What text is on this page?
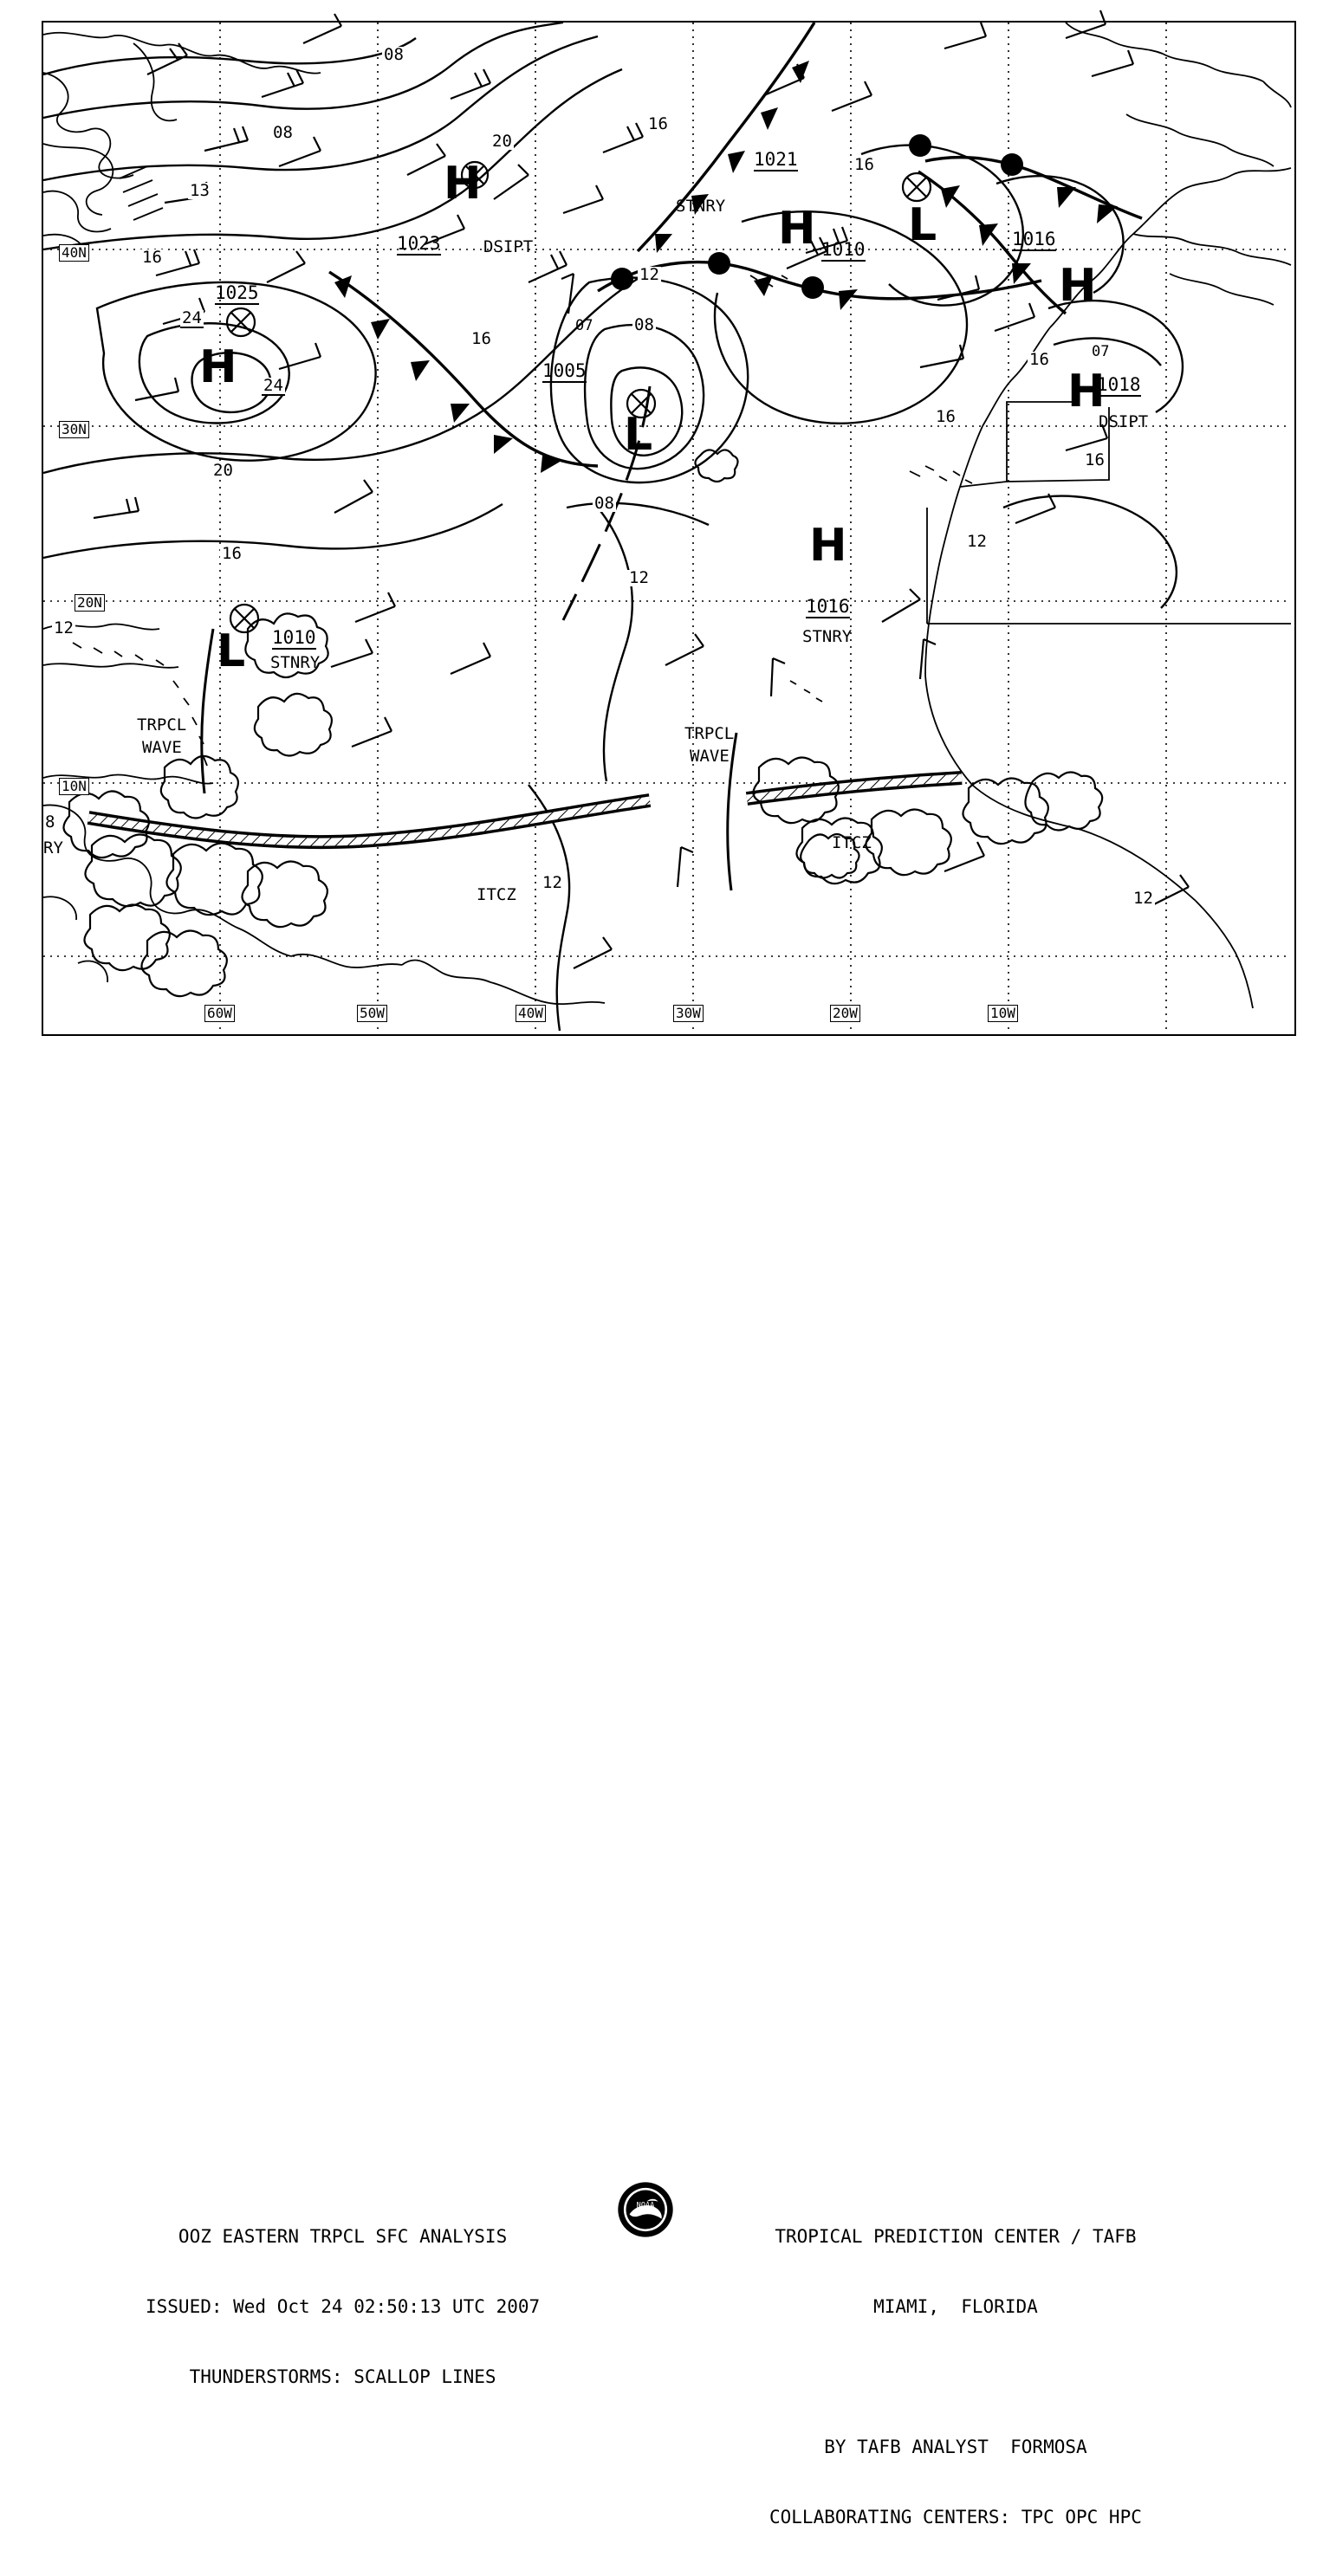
H
1023	DSIPT
H
1025
H
1021
1010 L	1016
H
H
1018
DSIPT
07
H
1016
STNRY
L
1005
07
L 1010
STNRY
STNRY
TRPCL
WAVE
TRPCL
WAVE
ITCZ
ITCZ
RY
08
08
13
16
20
16
24
24
20
16
16
12
08
08
12
16
16
16
16
12
12
12
12
8
40N
30N
20N
10N
60W	50W	40W	30W	20W	10W

OOZ EASTERN TRPCL SFC ANALYSIS

ISSUED: Wed Oct 24 02:50:13 UTC 2007

THUNDERSTORMS: SCALLOP LINES

NOAA

TROPICAL PREDICTION CENTER / TAFB

MIAMI,  FLORIDA

BY TAFB ANALYST  FORMOSA

COLLABORATING CENTERS: TPC OPC HPC
